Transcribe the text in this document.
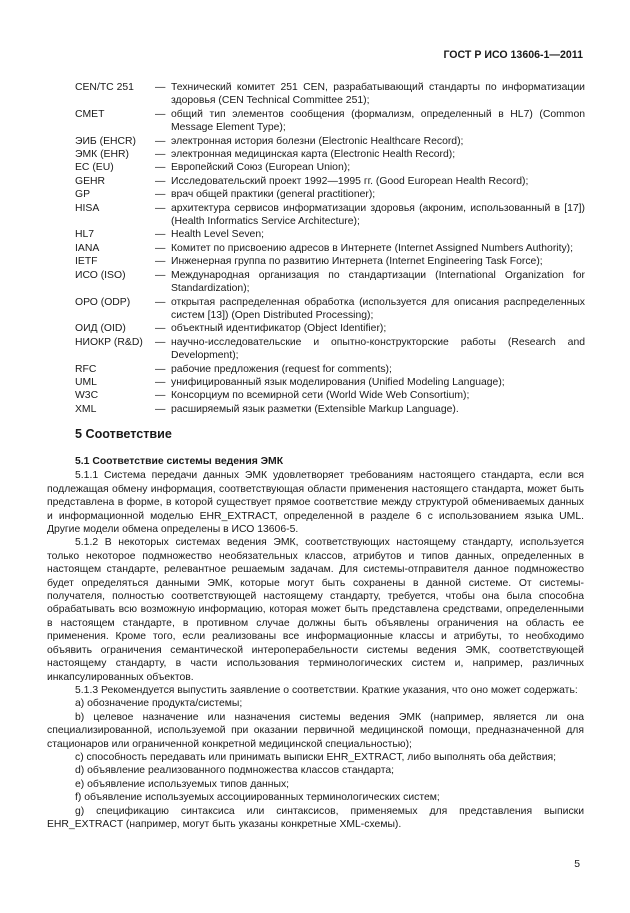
ГОСТ Р ИСО 13606-1—2011
CEN/TC 251	— Технический комитет 251 CEN, разрабатывающий стандарты по информатизации здоровья (CEN Technical Committee 251);
CMET	— общий тип элементов сообщения (формализм, определенный в HL7) (Common Message Element Type);
ЭИБ (EHCR)	— электронная история болезни (Electronic Healthcare Record);
ЭМК (EHR)	— электронная медицинская карта (Electronic Health Record);
ЕС (EU)	— Европейский Союз (European Union);
GEHR	— Исследовательский проект 1992—1995 гг. (Good European Health Record);
GP	— врач общей практики (general practitioner);
HISA	— архитектура сервисов информатизации здоровья (акроним, использованный в [17]) (Health Informatics Service Architecture);
HL7	— Health Level Seven;
IANA	— Комитет по присвоению адресов в Интернете (Internet Assigned Numbers Authority);
IETF	— Инженерная группа по развитию Интернета (Internet Engineering Task Force);
ИСО (ISO)	— Международная организация по стандартизации (International Organization for Standardization);
ОРО (ODP)	— открытая распределенная обработка (используется для описания распределенных систем [13]) (Open Distributed Processing);
ОИД (OID)	— объектный идентификатор (Object Identifier);
НИОКР (R&D)	— научно-исследовательские и опытно-конструкторские работы (Research and Development);
RFC	— рабочие предложения (request for comments);
UML	— унифицированный язык моделирования (Unified Modeling Language);
W3C	— Консорциум по всемирной сети (World Wide Web Consortium);
XML	— расширяемый язык разметки (Extensible Markup Language).
5 Соответствие
5.1 Соответствие системы ведения ЭМК

5.1.1 Система передачи данных ЭМК удовлетворяет требованиям настоящего стандарта, если вся подлежащая обмену информация, соответствующая области применения настоящего стандарта, может быть представлена в форме, в которой существует прямое соответствие между структурой обмениваемых данных и информационной моделью EHR_EXTRACT, определенной в разделе 6 с использованием языка UML. Другие модели обмена определены в ИСО 13606-5.

5.1.2 В некоторых системах ведения ЭМК, соответствующих настоящему стандарту, используется только некоторое подмножество необязательных классов, атрибутов и типов данных, определенных в настоящем стандарте, релевантное решаемым задачам. Для системы-отправителя данное подмножество будет определяться данными ЭМК, которые могут быть сохранены в данной системе. От системы-получателя, полностью соответствующей настоящему стандарту, требуется, чтобы она была способна обрабатывать всю возможную информацию, которая может быть представлена средствами, определенными в настоящем стандарте, в противном случае должны быть объявлены ограничения на область ее применения. Кроме того, если реализованы все информационные классы и атрибуты, то необходимо объявить ограничения семантической интероперабельности системы ведения ЭМК, соответствующей настоящему стандарту, в части использования терминологических систем и, например, различных инкапсулированных объектов.

5.1.3 Рекомендуется выпустить заявление о соответствии. Краткие указания, что оно может содержать:

а) обозначение продукта/системы;

b) целевое назначение или назначения системы ведения ЭМК (например, является ли она специализированной, используемой при оказании первичной медицинской помощи, предназначенной для стационаров или ограниченной конкретной медицинской специальностью);

с) способность передавать или принимать выписки EHR_EXTRACT, либо выполнять оба действия;

d) объявление реализованного подмножества классов стандарта;

е) объявление используемых типов данных;

f) объявление используемых ассоциированных терминологических систем;

g) спецификацию синтаксиса или синтаксисов, применяемых для представления выписки EHR_EXTRACT (например, могут быть указаны конкретные XML-схемы).

5
